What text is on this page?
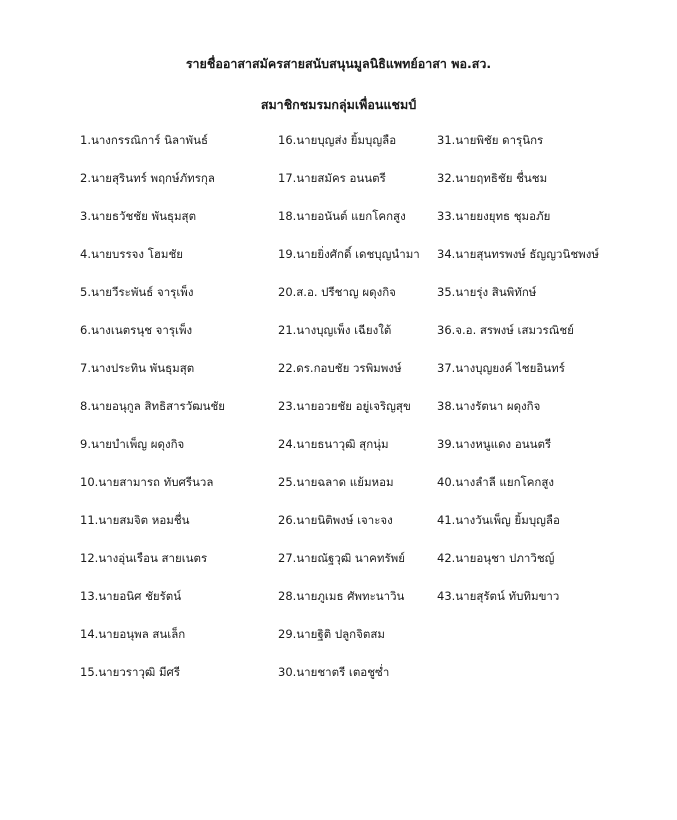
รายชื่ออาสาสมัครสายสนับสนุนมูลนิธิแพทย์อาสา พอ.สว.
สมาชิกชมรมกลุ่มเพื่อนแชมป์
1.นางกรรณิการ์ นิลาพันธ์
2.นายสุรินทร์ พฤกษ์ภัทรกุล
3.นายธวัชชัย พันธุมสุต
4.นายบรรจง โฮมชัย
5.นายวีระพันธ์ จารุเพ็ง
6.นางเนตรนุช จารุเพ็ง
7.นางประทิน พันธุมสุต
8.นายอนุกูล สิทธิสารวัฒนชัย
9.นายบำเพ็ญ ผดุงกิจ
10.นายสามารถ ทับศรีนวล
11.นายสมจิต หอมชื่น
12.นางอุ่นเรือน สายเนตร
13.นายอนิศ ชัยรัตน์
14.นายอนุพล สนเล็ก
15.นายวราวุฒิ มีศรี
16.นายบุญส่ง ยิ้มบุญลือ
17.นายสมัคร อนนตรี
18.นายอนันต์ แยกโคกสูง
19.นายยิ่งศักดิ์ เดชบุญนำมา
20.ส.อ. ปรีชาญ ผดุงกิจ
21.นางบุญเพ็ง เฉียงใต้
22.ดร.กอบชัย วรพิมพงษ์
23.นายอวยชัย อยู่เจริญสุข
24.นายธนาวุฒิ สุกนุ่ม
25.นายฉลาด แย้มหอม
26.นายนิติพงษ์ เจาะจง
27.นายณัฐวุฒิ นาคทรัพย์
28.นายภูเมธ ศัพทะนาวิน
29.นายฐิติ ปลูกจิตสม
30.นายชาตรี เตอชูซ่ำ
31.นายพิชัย ดารุนิกร
32.นายฤทธิชัย ชื่นชม
33.นายยงยุทธ ชุมอภัย
34.นายสุนทรพงษ์ ธัญญวนิชพงษ์
35.นายรุ่ง สินพิทักษ์
36.จ.อ. สรพงษ์ เสมวรณิชย์
37.นางบุญยงค์ ไชยอินทร์
38.นางรัตนา ผดุงกิจ
39.นางหนูแดง อนนตรี
40.นางลำลี แยกโคกสูง
41.นางวันเพ็ญ ยิ้มบุญลือ
42.นายอนุชา ปภาวิชญ์
43.นายสุรัตน์ ทับทิมขาว
